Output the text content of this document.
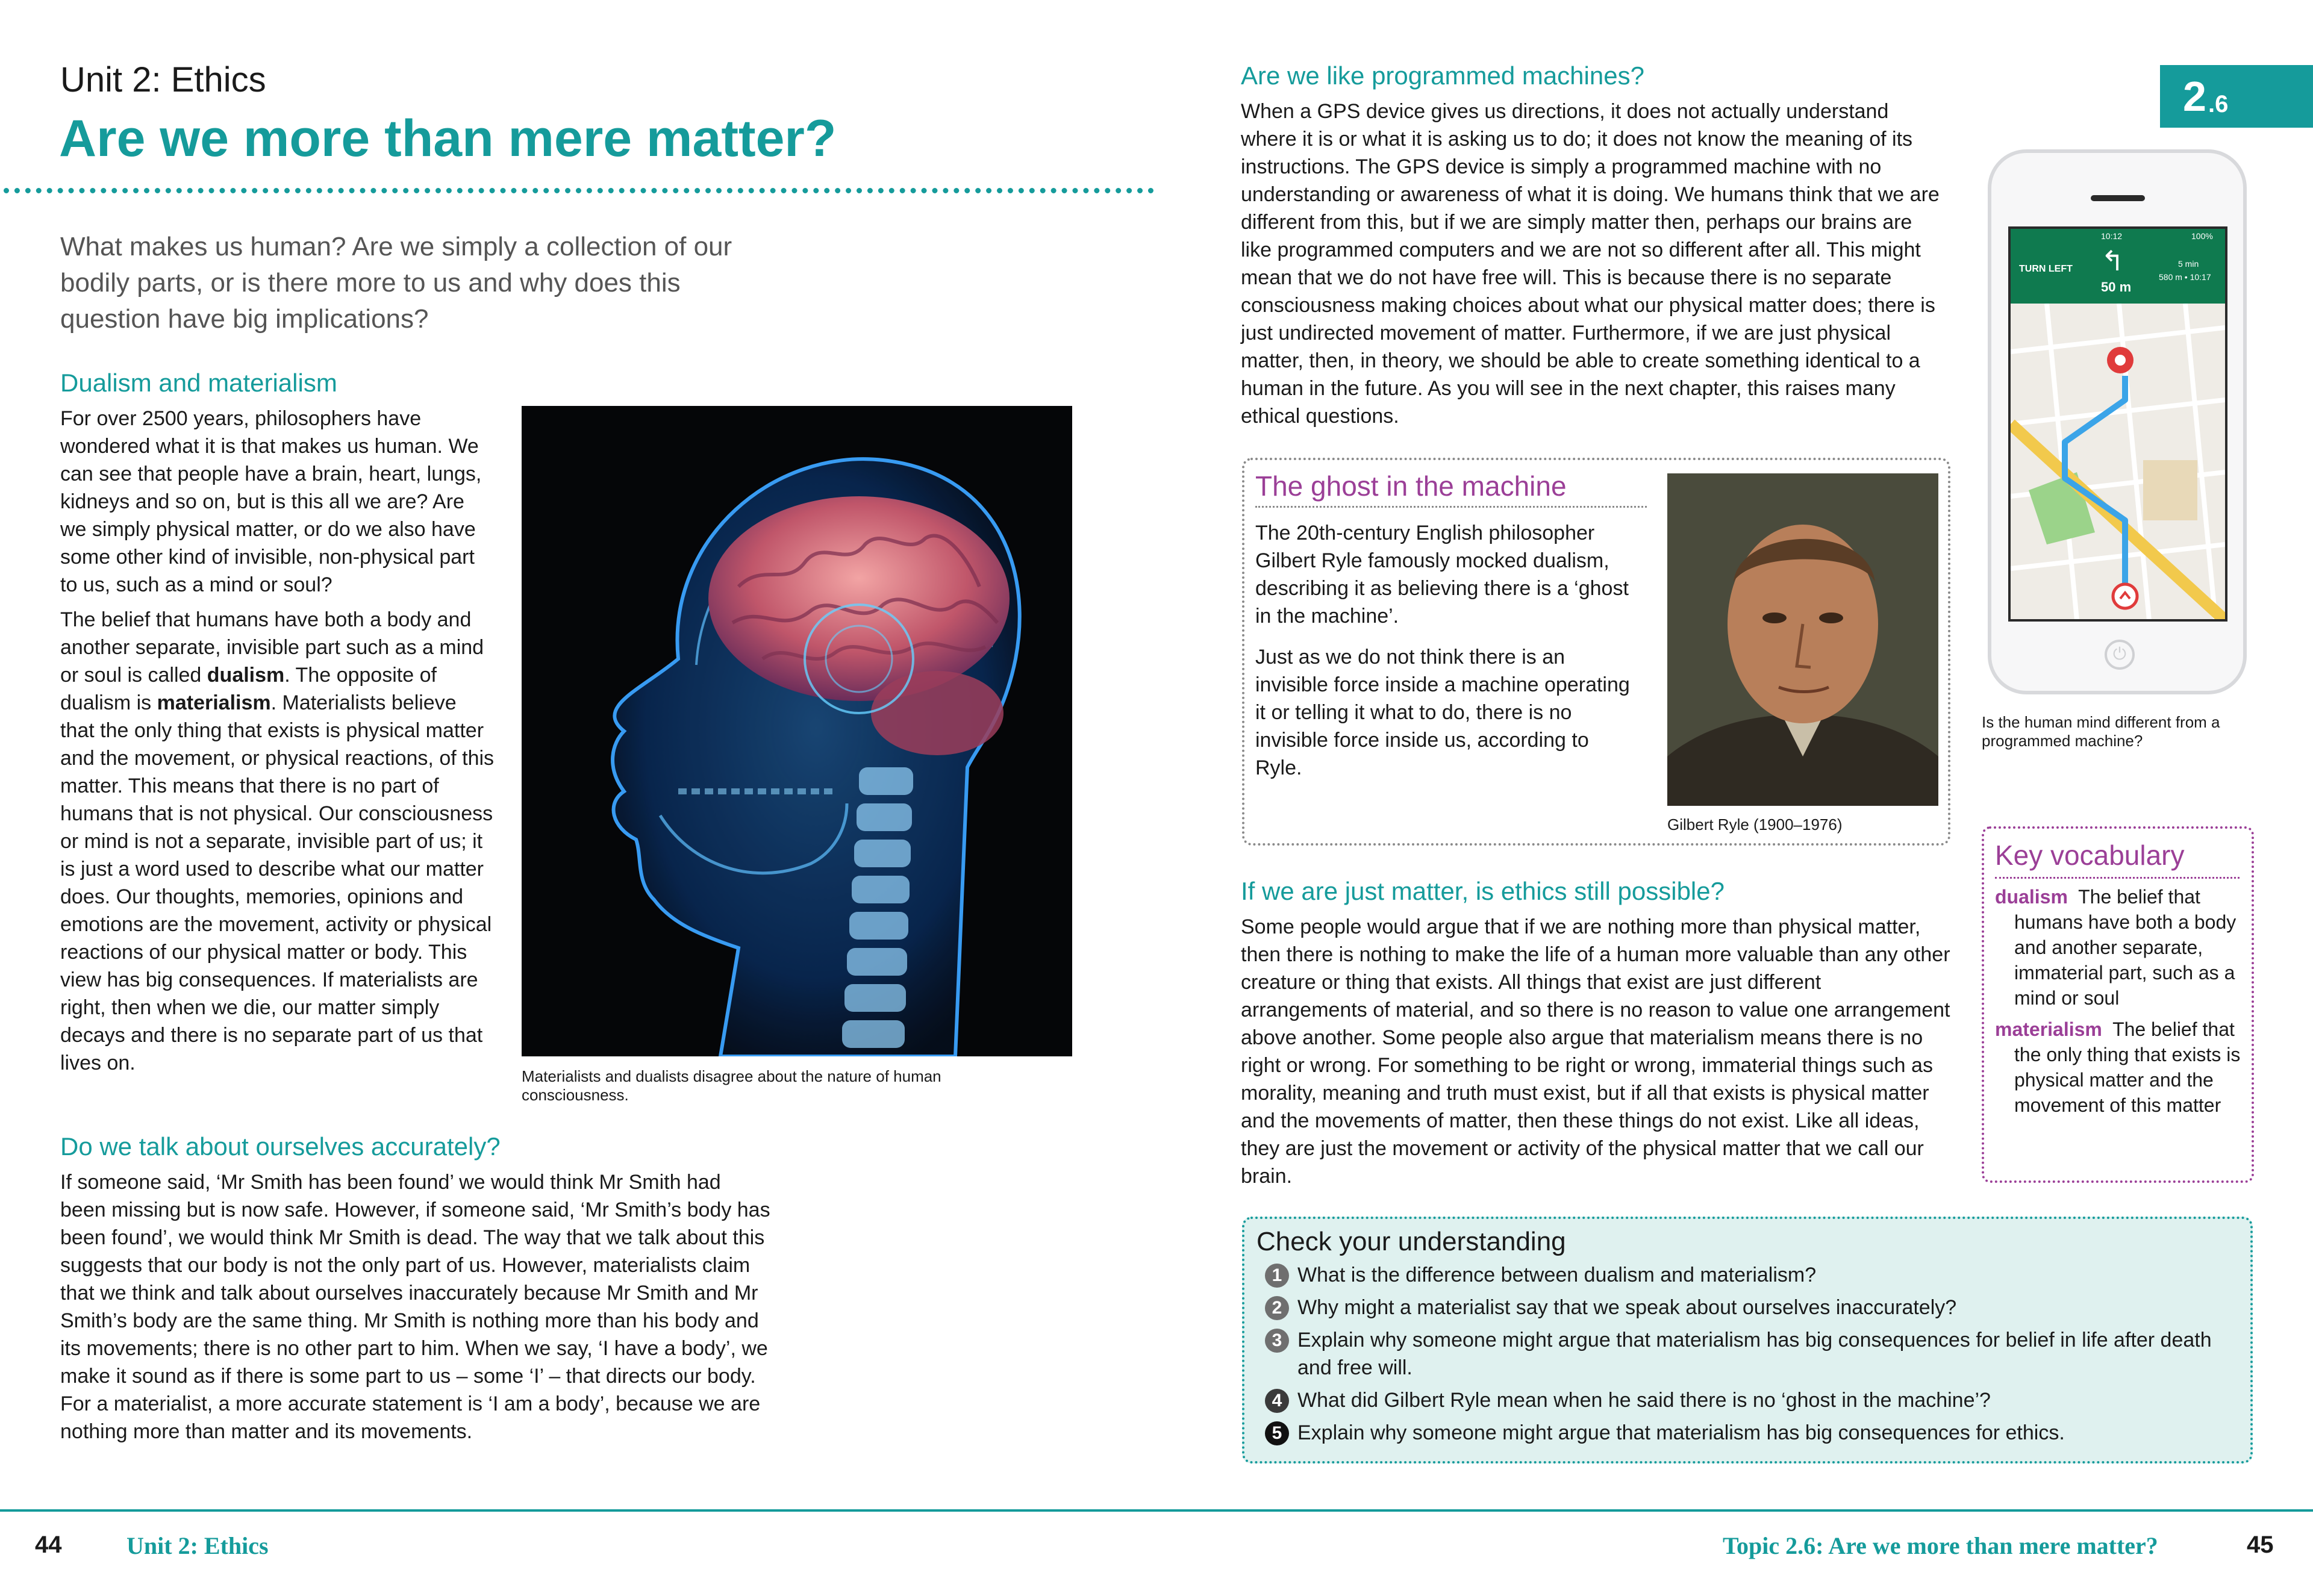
Unit 2: Ethics
Are we more than mere matter?
What makes us human? Are we simply a collection of our bodily parts, or is there more to us and why does this question have big implications?
Dualism and materialism

For over 2500 years, philosophers have wondered what it is that makes us human. We can see that people have a brain, heart, lungs, kidneys and so on, but is this all we are? Are we simply physical matter, or do we also have some other kind of invisible, non-physical part to us, such as a mind or soul?

The belief that humans have both a body and another separate, invisible part such as a mind or soul is called dualism. The opposite of dualism is materialism. Materialists believe that the only thing that exists is physical matter and the movement, or physical reactions, of this matter. This means that there is no part of humans that is not physical. Our consciousness or mind is not a separate, invisible part of us; it is just a word used to describe what our matter does. Our thoughts, memories, opinions and emotions are the movement, activity or physical reactions of our physical matter or body. This view has big consequences. If materialists are right, then when we die, our matter simply decays and there is no separate part of us that lives on.

Materialists and dualists disagree about the nature of human consciousness.
Do we talk about ourselves accurately?
If someone said, ‘Mr Smith has been found’ we would think Mr Smith had been missing but is now safe. However, if someone said, ‘Mr Smith’s body has been found’, we would think Mr Smith is dead. The way that we talk about this suggests that our body is not the only part of us. However, materialists claim that we think and talk about ourselves inaccurately because Mr Smith and Mr Smith’s body are the same thing. Mr Smith is nothing more than his body and its movements; there is no other part to him. When we say, ‘I have a body’, we make it sound as if there is some part to us – some ‘I’ – that directs our body. For a materialist, a more accurate statement is ‘I am a body’, because we are nothing more than matter and its movements.
Are we like programmed machines?
When a GPS device gives us directions, it does not actually understand where it is or what it is asking us to do; it does not know the meaning of its instructions. The GPS device is simply a programmed machine with no understanding or awareness of what it is doing. We humans think that we are different from this, but if we are simply matter then, perhaps our brains are like programmed computers and we are not so different after all. This might mean that we do not have free will. This is because there is no separate consciousness making choices about what our physical matter does; there is just undirected movement of matter. Furthermore, if we are just physical matter, then, in theory, we should be able to create something identical to a human in the future. As you will see in the next chapter, this raises many ethical questions.
2 .6
10:12	100%
TURN LEFT ↰
50 m
5 min
580 m • 10:17
⏻
Is the human mind different from a programmed machine?
The ghost in the machine

The 20th-century English philosopher Gilbert Ryle famously mocked dualism, describing it as believing there is a ‘ghost in the machine’.

Just as we do not think there is an invisible force inside a machine operating it or telling it what to do, there is no invisible force inside us, according to Ryle.

Gilbert Ryle (1900–1976)
Key vocabulary
dualism The belief that humans have both a body and another separate, immaterial part, such as a mind or soul
materialism The belief that the only thing that exists is physical matter and the movement of this matter
If we are just matter, is ethics still possible?
Some people would argue that if we are nothing more than physical matter, then there is nothing to make the life of a human more valuable than any other creature or thing that exists. All things that exist are just different arrangements of material, and so there is no reason to value one arrangement above another. Some people also argue that materialism means there is no right or wrong. For something to be right or wrong, immaterial things such as morality, meaning and truth must exist, but if all that exists is physical matter and the movements of matter, then these things do not exist. Like all ideas, they are just the movement or activity of the physical matter that we call our brain.
Check your understanding
1 What is the difference between dualism and materialism?
2 Why might a materialist say that we speak about ourselves inaccurately?
3 Explain why someone might argue that materialism has big consequences for belief in life after death and free will.
4 What did Gilbert Ryle mean when he said there is no ‘ghost in the machine’?
5 Explain why someone might argue that materialism has big consequences for ethics.
44	Unit 2: Ethics	Topic 2.6: Are we more than mere matter?	45
